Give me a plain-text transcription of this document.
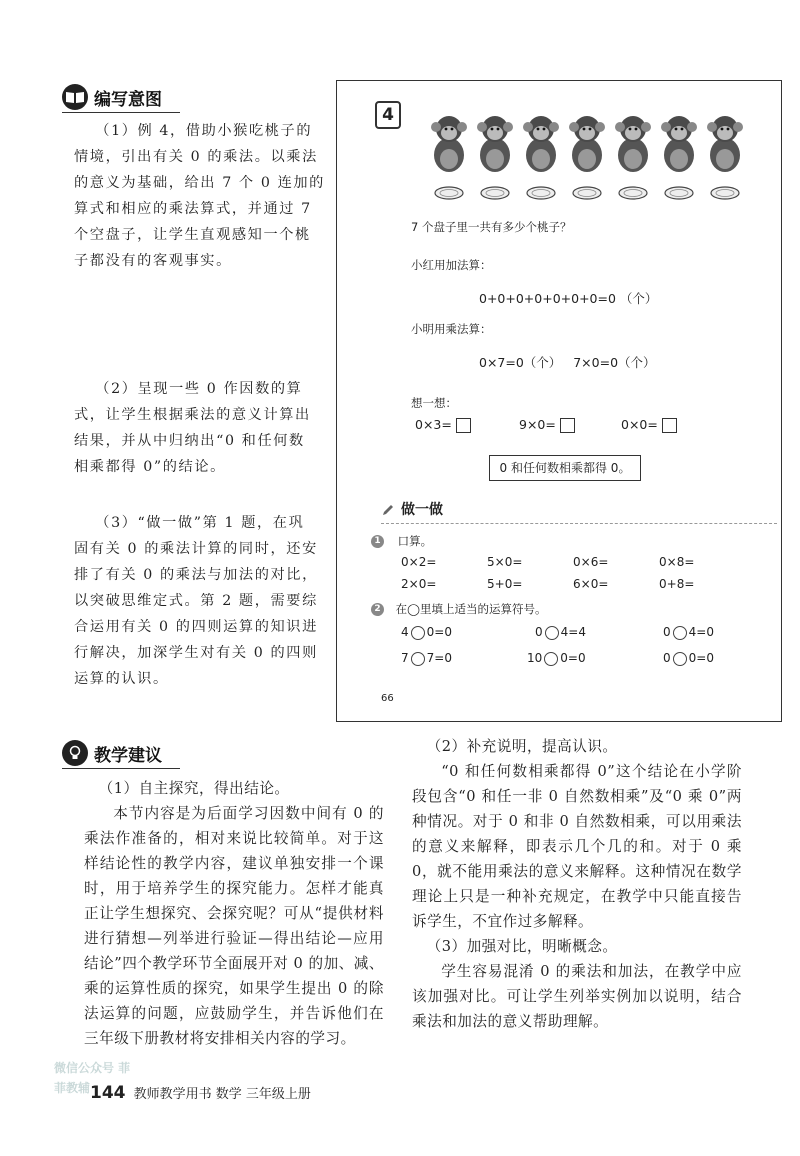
编写意图
（1）例 4，借助小猴吃桃子的
情境，引出有关 0 的乘法。以乘法
的意义为基础，给出 7 个 0 连加的
算式和相应的乘法算式，并通过 7
个空盘子，让学生直观感知一个桃
子都没有的客观事实。
（2）呈现一些 0 作因数的算
式，让学生根据乘法的意义计算出
结果，并从中归纳出“0 和任何数
相乘都得 0”的结论。
（3）“做一做”第 1 题，在巩
固有关 0 的乘法计算的同时，还安
排了有关 0 的乘法与加法的对比，
以突破思维定式。第 2 题，需要综
合运用有关 0 的四则运算的知识进
行解决，加深学生对有关 0 的四则
运算的认识。
4
7 个盘子里一共有多少个桃子？
小红用加法算：
0+0+0+0+0+0+0=0 （个）
小明用乘法算：
0×7=0（个）   7×0=0（个）
想一想：
0×3=	9×0=	0×0=
0 和任何数相乘都得 0。
做一做
1 口算。
0×2=	5×0=	0×6=	0×8=
2×0=	5+0=	6×0=	0+8=
2 在◯里填上适当的运算符号。
4 0=0	0 4=4	0 4=0
7 7=0	10 0=0	0 0=0
66
教学建议

（1）自主探究，得出结论。

本节内容是为后面学习因数中间有 0 的乘法作准备的，相对来说比较简单。对于这样结论性的教学内容，建议单独安排一个课时，用于培养学生的探究能力。怎样才能真正让学生想探究、会探究呢？可从“提供材料进行猜想—列举进行验证—得出结论—应用结论”四个教学环节全面展开对 0 的加、减、乘的运算性质的探究，如果学生提出 0 的除法运算的问题，应鼓励学生，并告诉他们在三年级下册教材将安排相关内容的学习。

（2）补充说明，提高认识。

“0 和任何数相乘都得 0”这个结论在小学阶段包含“0 和任一非 0 自然数相乘”及“0 乘 0”两种情况。对于 0 和非 0 自然数相乘，可以用乘法的意义来解释，即表示几个几的和。对于 0 乘 0，就不能用乘法的意义来解释。这种情况在数学理论上只是一种补充规定，在教学中只能直接告诉学生，不宜作过多解释。

（3）加强对比，明晰概念。

学生容易混淆 0 的乘法和加法，在教学中应该加强对比。可让学生列举实例加以说明，结合乘法和加法的意义帮助理解。

144 教师教学用书 数学 三年级上册
微信公众号 菲菲教辅
